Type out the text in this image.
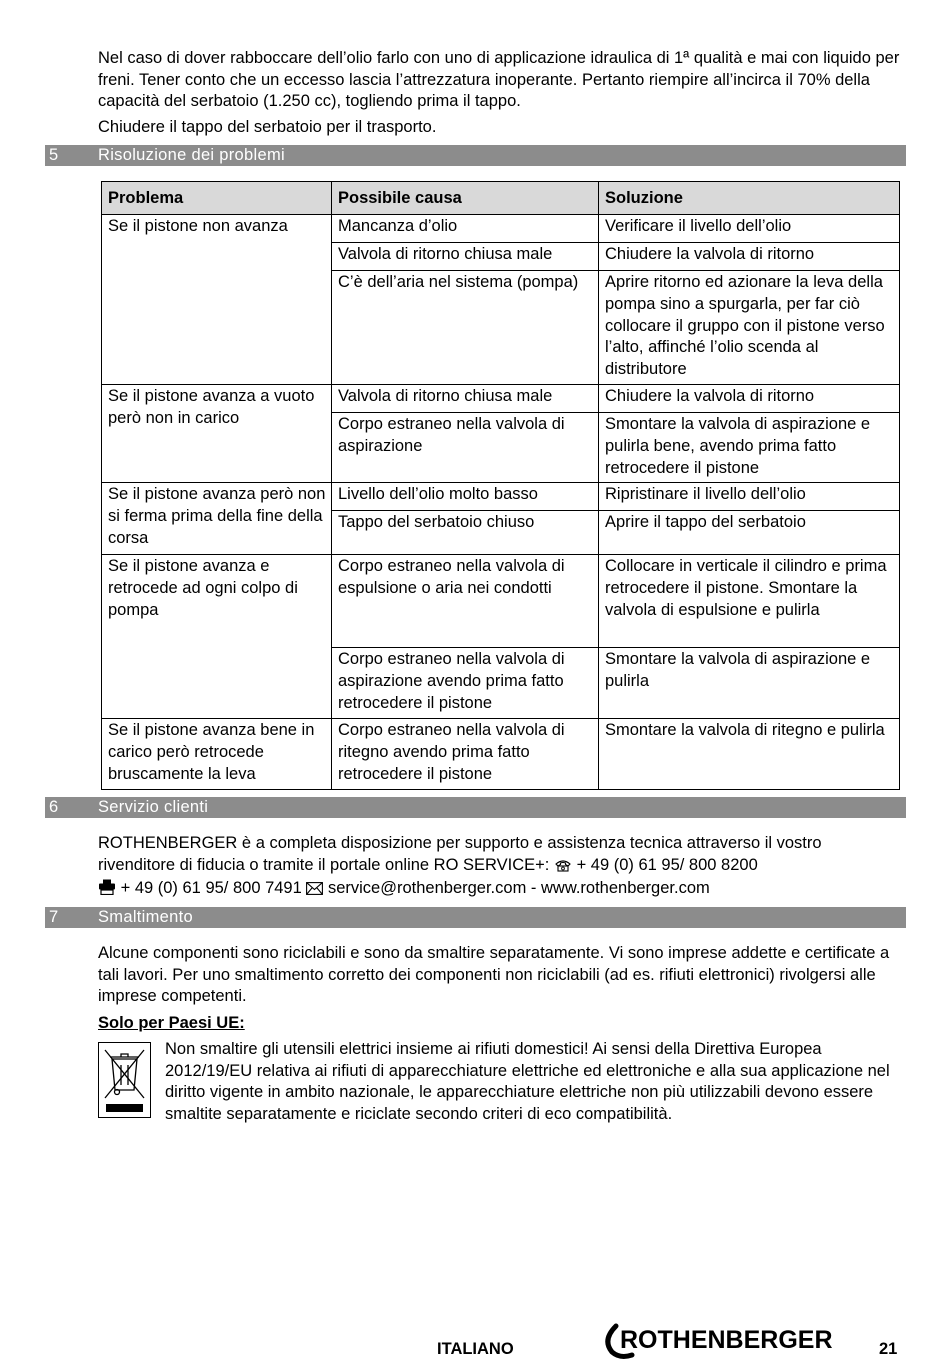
Nel caso di dover rabboccare dell’olio farlo con uno di applicazione idraulica di 1ª qualità e mai con liquido per freni. Tener conto che un eccesso lascia l’attrezzatura inoperante. Pertanto riempire all’incirca il 70% della capacità del serbatoio (1.250 cc), togliendo prima il tappo.

Chiudere il tappo del serbatoio per il trasporto.

5 Risoluzione dei problemi
Problema	Possibile causa	Soluzione
Se il pistone non avanza	Mancanza d’olio	Verificare il livello dell’olio
	Valvola di ritorno chiusa male	Chiudere la valvola di ritorno
	C’è dell’aria nel sistema (pompa)	Aprire ritorno ed azionare la leva della pompa sino a spurgarla, per far ciò collocare il gruppo con il pistone verso l’alto, affinché l’olio scenda al distributore
Se il pistone avanza a vuoto però non in carico	Valvola di ritorno chiusa male	Chiudere la valvola di ritorno
	Corpo estraneo nella valvola di aspirazione	Smontare la valvola di aspirazione e pulirla bene, avendo prima fatto retrocedere il pistone
Se il pistone avanza però non si ferma prima della fine della corsa	Livello dell’olio molto basso	Ripristinare il livello dell’olio
	Tappo del serbatoio chiuso	Aprire il tappo del serbatoio
Se il pistone avanza e retrocede ad ogni colpo di pompa	Corpo estraneo nella valvola di espulsione o aria nei condotti	Collocare in verticale il cilindro e prima retrocedere il pistone. Smontare la valvola di espulsione e pulirla
	Corpo estraneo nella valvola di aspirazione avendo prima fatto retrocedere il pistone	Smontare la valvola di aspirazione e pulirla
Se il pistone avanza bene in carico però retrocede bruscamente la leva	Corpo estraneo nella valvola di ritegno avendo prima fatto retrocedere il pistone	Smontare la valvola di ritegno e pulirla
6 Servizio clienti

ROTHENBERGER è a completa disposizione per supporto e assistenza tecnica attraverso il vostro rivenditore di fiducia o tramite il portale online RO SERVICE+: + 49 (0) 61 95/ 800 8200
+ 49 (0) 61 95/ 800 7491 service@rothenberger.com - www.rothenberger.com

7 Smaltimento

Alcune componenti sono riciclabili e sono da smaltire separatamente. Vi sono imprese addette e certificate a tali lavori. Per uno smaltimento corretto dei componenti non riciclabili (ad es. rifiuti elettronici) rivolgersi alle imprese competenti.

Solo per Paesi UE:

Non smaltire gli utensili elettrici insieme ai rifiuti domestici! Ai sensi della Direttiva Europea 2012/19/EU relativa ai rifiuti di apparecchiature elettriche ed elettroniche e alla sua applicazione nel diritto vigente in ambito nazionale, le apparecchiature elettriche non più utilizzabili devono essere smaltite separatamente e riciclate secondo criteri di eco compatibilità.

ITALIANO	ROTHENBERGER	21
